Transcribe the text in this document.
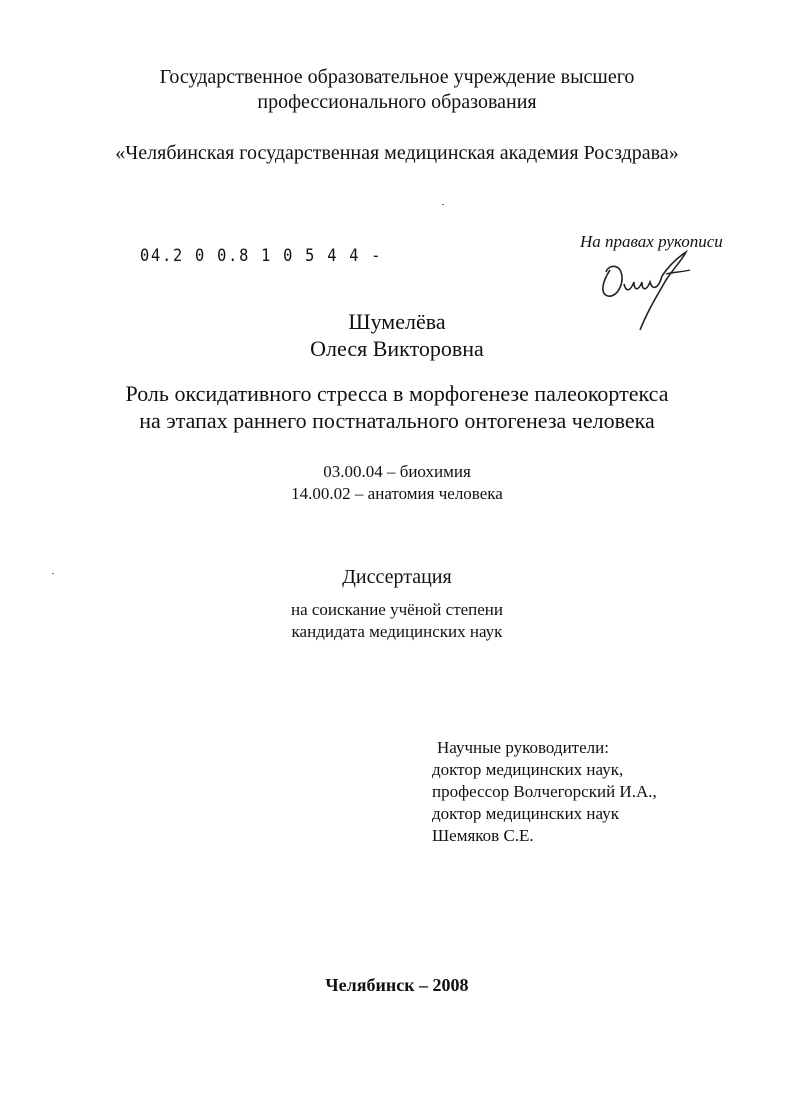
Государственное образовательное учреждение высшего
профессионального образования
«Челябинская государственная медицинская академия Росздрава»
04.2 0 0.8 1 0 5 4 4 -
На правах рукописи
Шумелёва
Олеся Викторовна
Роль оксидативного стресса в морфогенезе палеокортекса
на этапах раннего постнатального онтогенеза человека
03.00.04 – биохимия
14.00.02 – анатомия человека
Диссертация
на соискание учёной степени
кандидата медицинских наук
Научные руководители:
доктор медицинских наук,
профессор Волчегорский И.А.,
доктор медицинских наук
Шемяков С.Е.
Челябинск – 2008
